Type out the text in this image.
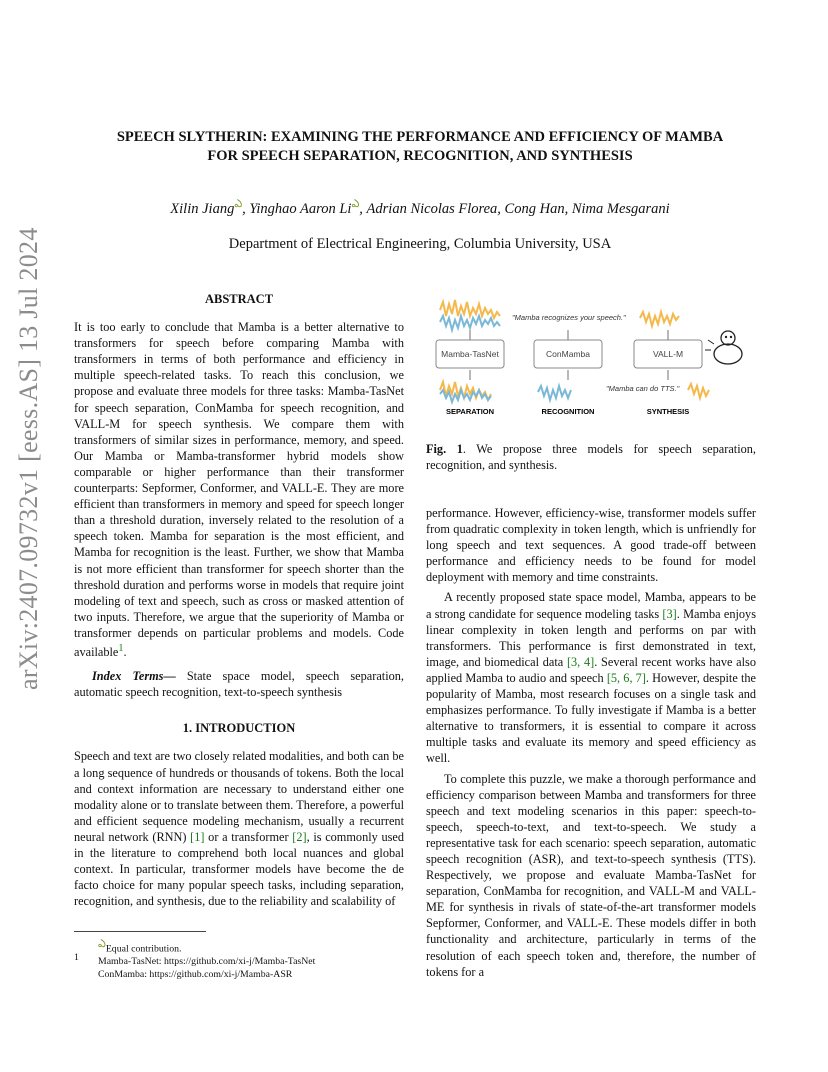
arXiv:2407.09732v1 [eess.AS] 13 Jul 2024
SPEECH SLYTHERIN: EXAMINING THE PERFORMANCE AND EFFICIENCY OF MAMBA
FOR SPEECH SEPARATION, RECOGNITION, AND SYNTHESIS
Xilin Jiang$^ఎ$, Yinghao Aaron $Li^ఎ$, Adrian Nicolas Florea, Cong Han, Nima Mesgarani
Department of Electrical Engineering, Columbia University, USA
ABSTRACT

It is too early to conclude that Mamba is a better alternative to transformers for speech before comparing Mamba with transformers in terms of both performance and efficiency in multiple speech-related tasks. To reach this conclusion, we propose and evaluate three models for three tasks: Mamba-TasNet for speech separation, ConMamba for speech recognition, and VALL-M for speech synthesis. We compare them with transformers of similar sizes in performance, memory, and speed. Our Mamba or Mamba-transformer hybrid models show comparable or higher performance than their transformer counterparts: Sepformer, Conformer, and VALL-E. They are more efficient than transformers in memory and speed for speech longer than a threshold duration, inversely related to the resolution of a speech token. Mamba for separation is the most efficient, and Mamba for recognition is the least. Further, we show that Mamba is not more efficient than transformer for speech shorter than the threshold duration and performs worse in models that require joint modeling of text and speech, such as cross or masked attention of two inputs. Therefore, we argue that the superiority of Mamba or transformer depends on particular problems and models. Code available$^1$.

Index Terms— State space model, speech separation, automatic speech recognition, text-to-speech synthesis

1. INTRODUCTION

Speech and text are two closely related modalities, and both can be a long sequence of hundreds or thousands of tokens. Both the local and context information are necessary to understand either one modality alone or to translate between them. Therefore, a powerful and efficient sequence modeling mechanism, usually a recurrent neural network (RNN) [1] or a transformer [2], is commonly used in the literature to comprehend both local nuances and global context. In particular, transformer models have become the de facto choice for many popular speech tasks, including separation, recognition, and synthesis, due to the reliability and scalability of

"Mamba recognizes your speech."
Mamba-TasNet	ConMamba	VALL-M
"Mamba can do TTS."
SEPARATION	RECOGNITION	SYNTHESIS
Fig. 1. We propose three models for speech separation, recognition, and synthesis.

performance. However, efficiency-wise, transformer models suffer from quadratic complexity in token length, which is unfriendly for long speech and text sequences. A good trade-off between performance and efficiency needs to be found for model deployment with memory and time constraints.

A recently proposed state space model, Mamba, appears to be a strong candidate for sequence modeling tasks [3]. Mamba enjoys linear complexity in token length and performs on par with transformers. This performance is first demonstrated in text, image, and biomedical data [3, 4]. Several recent works have also applied Mamba to audio and speech [5, 6, 7]. However, despite the popularity of Mamba, most research focuses on a single task and emphasizes performance. To fully investigate if Mamba is a better alternative to transformers, it is essential to compare it across multiple tasks and evaluate its memory and speed efficiency as well.

To complete this puzzle, we make a thorough performance and efficiency comparison between Mamba and transformers for three speech and text modeling scenarios in this paper: speech-to-speech, speech-to-text, and text-to-speech. We study a representative task for each scenario: speech separation, automatic speech recognition (ASR), and text-to-speech synthesis (TTS). Respectively, we propose and evaluate Mamba-TasNet for separation, ConMamba for recognition, and VALL-M and VALL-ME for synthesis in rivals of state-of-the-art transformer models Sepformer, Conformer, and VALL-E. These models differ in both functionality and architecture, particularly in terms of the resolution of each speech token and, therefore, the number of tokens for a

ఎEqual contribution.
1 Mamba-TasNet: https://github.com/xi-j/Mamba-TasNet
ConMamba: https://github.com/xi-j/Mamba-ASR
